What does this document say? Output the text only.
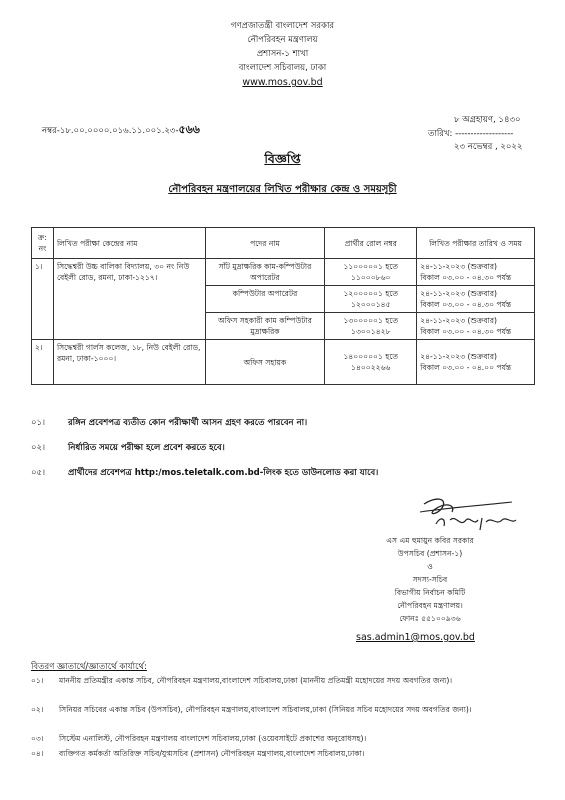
গণপ্রজাতন্ত্রী বাংলাদেশ সরকার
নৌপরিবহন মন্ত্রণালয়
প্রশাসন-১ শাখা
বাংলাদেশ সচিবালয়, ঢাকা
www.mos.gov.bd
নম্বর-১৮.০০.০০০০.০১৬.১১.০০১.২৩-৫৬৬
৮ অগ্রহায়ণ, ১৪৩০
তারিখ: -------------------
২৩ নভেম্বর , ২০২২
বিজ্ঞপ্তি
নৌপরিবহন মন্ত্রণালয়ের লিখিত পরীক্ষার কেন্দ্র ও সময়সূচী
ক্র: নং	লিখিত পরীক্ষা কেন্দ্রের নাম	পদের নাম	প্রার্থীর রোল নম্বর	লিখিত পরীক্ষার তারিখ ও সময়
১।	সিদ্ধেশ্বরী উচ্চ বালিকা বিদ্যালয়, ৩০ নং নিউ বেইলী রোড, রমনা, ঢাকা-১২১৭।	সাঁট মুদ্রাক্ষরিক কাম-কম্পিউটার অপারেটর	১১০০০০০১ হতে ১১০০০৮৬০	২৪-১১-২০২৩ (শুক্রবার)
বিকাল ০৩.০০ - ০৪.৩০ পর্যন্ত

		কম্পিউটার অপারেটর	১২০০০০০১ হতে ১২০০০১৪৫	২৪-১১-২০২৩ (শুক্রবার)
বিকাল ০৩.০০ - ০৪.৩০ পর্যন্ত

		অফিস সহকারী কাম কম্পিউটার মুদ্রাক্ষরিক	১৩০০০০০১ হতে ১৩০০১৪২৮	২৪-১১-২০২৩ (শুক্রবার)
বিকাল ০৩.০০ - ০৪.৩০ পর্যন্ত

২।	সিদ্ধেশ্বরী গার্লস কলেজ, ১৮, নিউ বেইলী রোড, রমনা, ঢাকা-১০০০।	অফিস সহায়ক	১৪০০০০০১ হতে ১৪০০২২৬৬	২৪-১১-২০২৩ (শুক্রবার)
বিকাল ০৩.০০ - ০৪.০০ পর্যন্ত
০১।	রঙ্গিন প্রবেশপত্র ব্যতীত কোন পরীক্ষার্থী আসন গ্রহণ করতে পারবেন না।
০২।	নির্ধারিত সময়ে পরীক্ষা হলে প্রবেশ করতে হবে।
০৫।	প্রার্থীদের প্রবেশপত্র http:/mos.teletalk.com.bd-লিংক হতে ডাউনলোড করা যাবে।
এস এম হুমায়ুন কবির সরকার
উপসচিব (প্রশাসন-১)
ও
সদস্য-সচিব
বিভাগীয় নির্বাচন কমিটি
নৌপরিবহন মন্ত্রণালয়।
ফোনঃ ৫৫১০০৯৩৬
sas.admin1@mos.gov.bd
বিতরণ জ্ঞাতার্থে/জ্ঞাতার্থে কার্যার্থে:
০১। মাননীয় প্রতিমন্ত্রীর একান্ত সচিব, নৌপরিবহন মন্ত্রণালয়,বাংলাদেশ সচিবালয়,ঢাকা (মাননীয় প্রতিমন্ত্রী মহোদয়ের সদয় অবগতির জন্য)।
০২। সিনিয়র সচিবের একান্ত সচিব (উপসচিব), নৌপরিবহন মন্ত্রণালয়,বাংলাদেশ সচিবালয়,ঢাকা (সিনিয়র সচিব মহোদয়ের সদয় অবগতির জন্য)।
০৩। সিস্টেম এনালিস্ট, নৌপরিবহন মন্ত্রণালয় বাংলাদেশ সচিবালয়,ঢাকা (ওয়েবসাইটে প্রকাশের অনুরোধসহ)।
০৪। ব্যক্তিগত কর্মকর্তা অতিরিক্ত সচিব/যুগ্মসচিব (প্রশাসন) নৌপরিবহন মন্ত্রণালয়,বাংলাদেশ সচিবালয়,ঢাকা।
